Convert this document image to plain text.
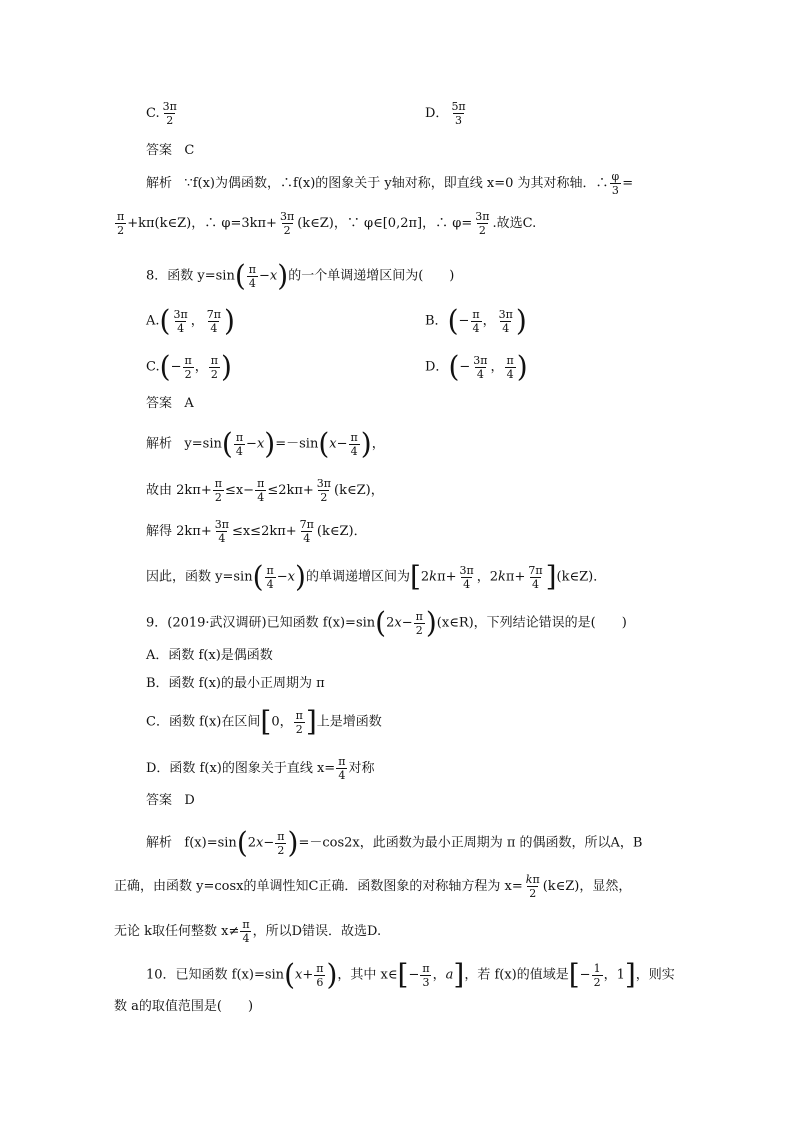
C. $\frac{3\pi}{2}$	D． $\frac{5\pi}{3}$
答案 C
解析 ∵f(x)为偶函数，∴f(x)的图象关于 y轴对称，即直线 x=0 为其对称轴．∴ $\frac{\varphi}{3}$ =
$\frac{\pi}{2}$ +kπ(k∈Z)，∴ $\varphi=3k\pi+ \frac{3\pi}{2}$ (k∈Z)，∵ φ∈[0,2π]，∴ $\varphi= \frac{3\pi}{2}$ .故选C.
8．函数 $y=\sin( \frac{\pi}{4} -x)$的一个单调递增区间为(　　)
$A.( \frac{3\pi}{4}$ ， $\frac{7\pi}{4}$ )	B．(− $\frac{\pi}{4}$ ， $\frac{3\pi}{4}$ )
$C.(- \frac{\pi}{2}$ ， $\frac{\pi}{2}$ )	D．(− $\frac{3\pi}{4}$ ， $\frac{\pi}{4}$ )
答案 A
解析 $y=\sin( \frac{\pi}{4} -x)=-\sin(x- \frac{\pi}{4}$ )，
故由 $2k\pi+ \frac{\pi}{2} \le x- \frac{\pi}{4} \le 2k\pi+ \frac{3\pi}{2}$ (k∈Z)，
解得 $2k\pi+ \frac{3\pi}{4} \le x\le 2k\pi+ \frac{7\pi}{4}$ (k∈Z)．
因此，函数 $y=\sin( \frac{\pi}{4} -x)$的单调递增区间为[$2k\pi+ \frac{3\pi}{4}$ ，$2k\pi+ \frac{7\pi}{4}$ ](k∈Z)．
9．(2019·武汉调研)已知函数 $f(x)=\sin(2x- \frac{\pi}{2}$ )(x∈R)，下列结论错误的是(　　)
A．函数 f(x)是偶函数
B．函数 f(x)的最小正周期为 π
C．函数 f(x)在区间[0， $\frac{\pi}{2}$ ]上是增函数
D．函数 f(x)的图象关于直线 $x= \frac{\pi}{4}$ 对称
答案 D
解析 $f(x)=\sin(2x- \frac{\pi}{2} )=-\cos 2x$，此函数为最小正周期为 π 的偶函数，所以A，B
正确，由函数 y=cosx的单调性知C正确．函数图象的对称轴方程为 $x= \frac{k\pi}{2}$ (k∈Z)，显然，
无论 k取任何整数 $x\ne \frac{\pi}{4}$ ，所以D错误．故选D.
10．已知函数 $f(x)=\sin(x+ \frac{\pi}{6}$ )，其中 x∈[− $\frac{\pi}{3}$ ，a]，若 f(x)的值域是[− $\frac{1}{2}$ ，1]，则实
数 a的取值范围是(　　)
